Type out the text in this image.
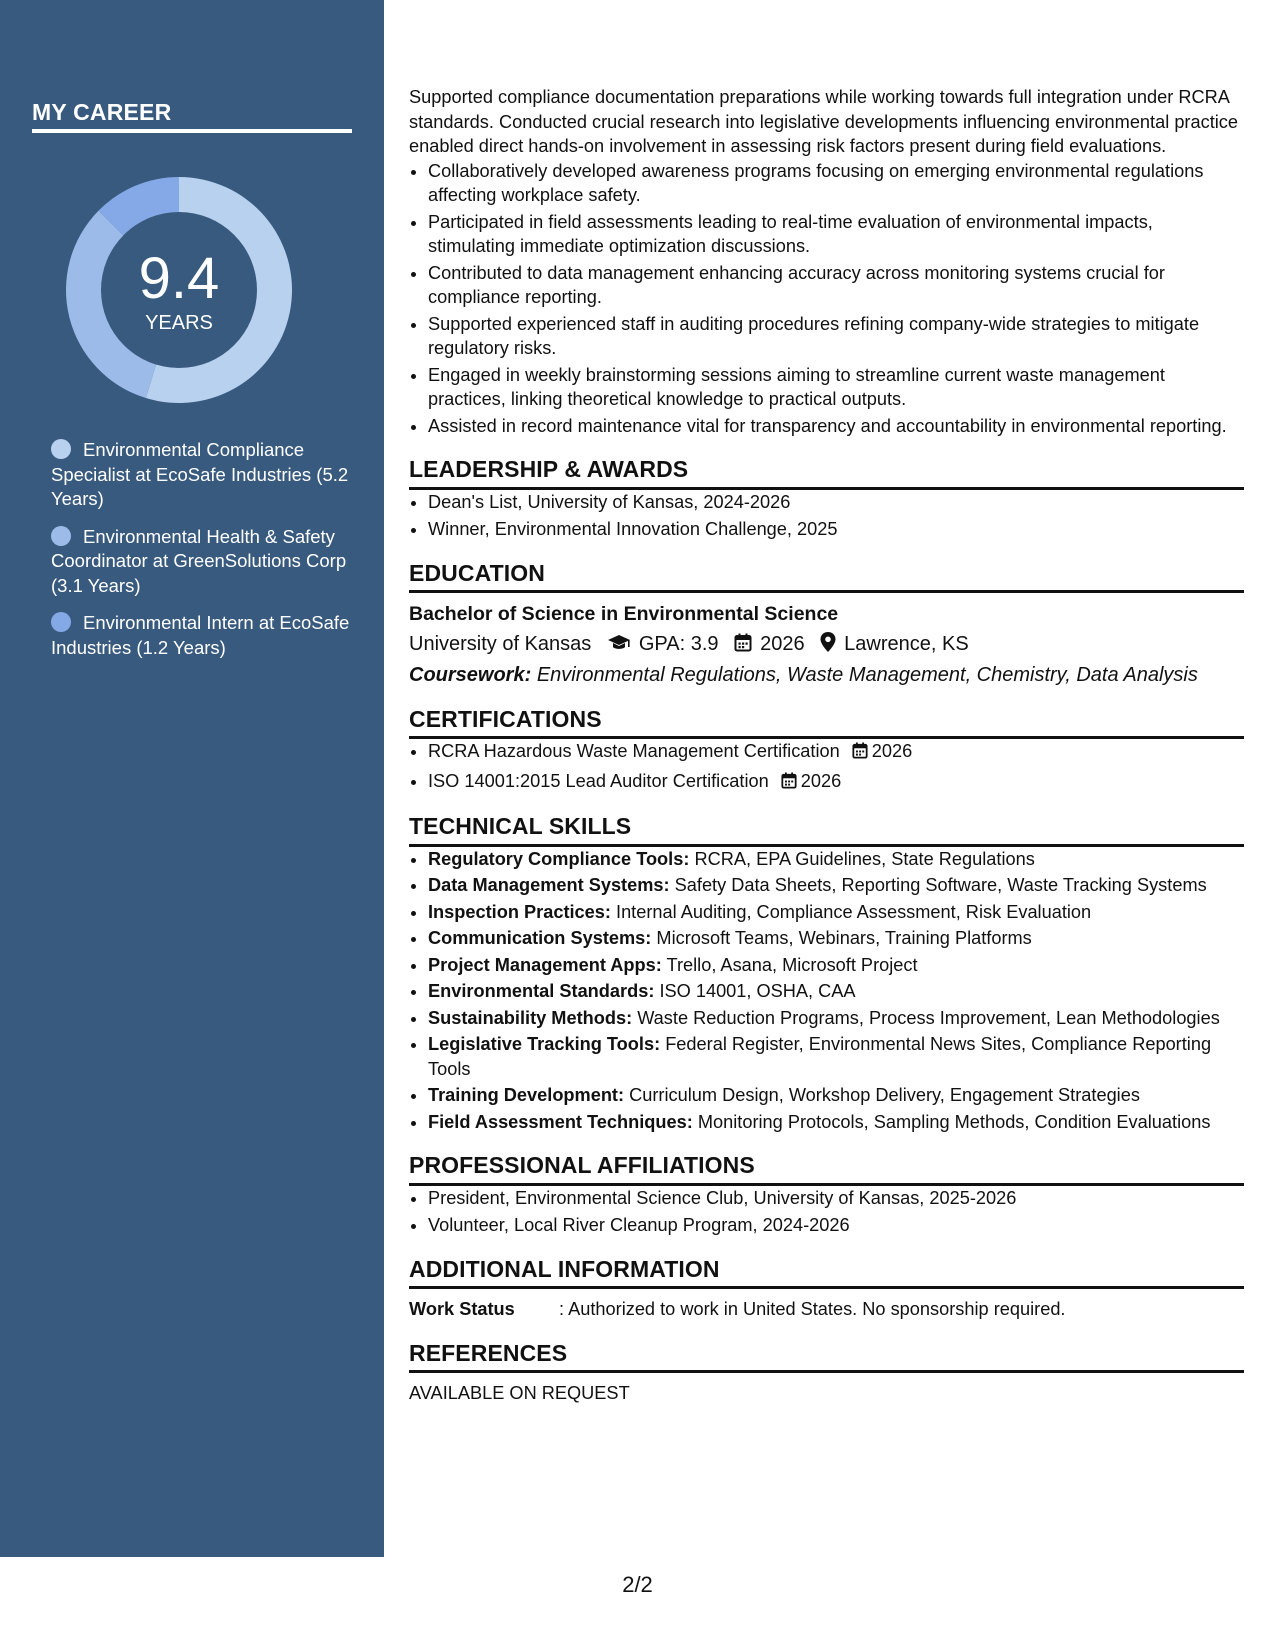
MY CAREER
9.4
YEARS
Environmental Compliance Specialist at EcoSafe Industries (5.2 Years)
Environmental Health & Safety Coordinator at GreenSolutions Corp (3.1 Years)
Environmental Intern at EcoSafe Industries (1.2 Years)

Supported compliance documentation preparations while working towards full integration under RCRA standards. Conducted crucial research into legislative developments influencing environmental practice enabled direct hands-on involvement in assessing risk factors present during field evaluations.

• Collaboratively developed awareness programs focusing on emerging environmental regulations affecting workplace safety.
• Participated in field assessments leading to real-time evaluation of environmental impacts, stimulating immediate optimization discussions.
• Contributed to data management enhancing accuracy across monitoring systems crucial for compliance reporting.
• Supported experienced staff in auditing procedures refining company-wide strategies to mitigate regulatory risks.
• Engaged in weekly brainstorming sessions aiming to streamline current waste management practices, linking theoretical knowledge to practical outputs.
• Assisted in record maintenance vital for transparency and accountability in environmental reporting.
LEADERSHIP & AWARDS
• Dean's List, University of Kansas, 2024-2026
• Winner, Environmental Innovation Challenge, 2025
EDUCATION
Bachelor of Science in Environmental Science
University of Kansas GPA: 3.9 2026 Lawrence, KS
Coursework: Environmental Regulations, Waste Management, Chemistry, Data Analysis
CERTIFICATIONS
• RCRA Hazardous Waste Management Certification 2026
• ISO 14001:2015 Lead Auditor Certification 2026
TECHNICAL SKILLS
• Regulatory Compliance Tools: RCRA, EPA Guidelines, State Regulations
• Data Management Systems: Safety Data Sheets, Reporting Software, Waste Tracking Systems
• Inspection Practices: Internal Auditing, Compliance Assessment, Risk Evaluation
• Communication Systems: Microsoft Teams, Webinars, Training Platforms
• Project Management Apps: Trello, Asana, Microsoft Project
• Environmental Standards: ISO 14001, OSHA, CAA
• Sustainability Methods: Waste Reduction Programs, Process Improvement, Lean Methodologies
• Legislative Tracking Tools: Federal Register, Environmental News Sites, Compliance Reporting Tools
• Training Development: Curriculum Design, Workshop Delivery, Engagement Strategies
• Field Assessment Techniques: Monitoring Protocols, Sampling Methods, Condition Evaluations
PROFESSIONAL AFFILIATIONS
• President, Environmental Science Club, University of Kansas, 2025-2026
• Volunteer, Local River Cleanup Program, 2024-2026
ADDITIONAL INFORMATION
Work Status	: Authorized to work in United States. No sponsorship required.
REFERENCES
AVAILABLE ON REQUEST
2/2
